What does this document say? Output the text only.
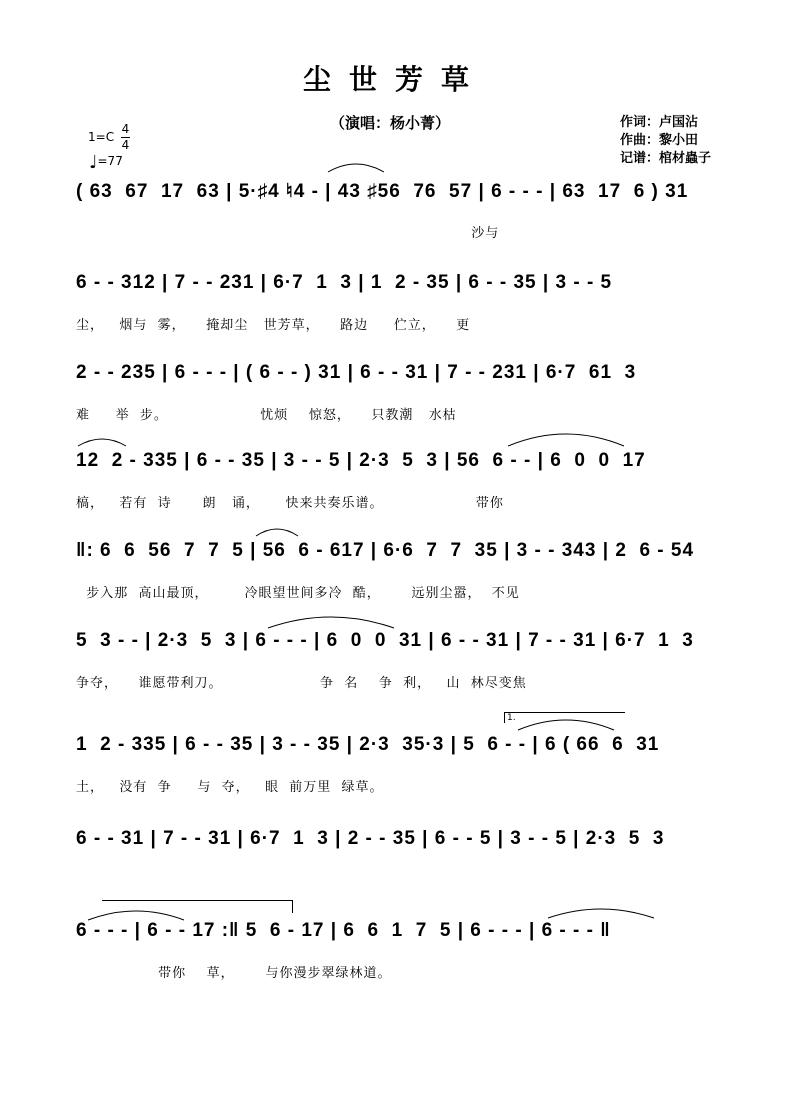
尘世芳草
（演唱：杨小菁）	作词：卢国沾
作曲：黎小田
记谱：棺材蟲子
1=C
4
4
♩=77
( 63  67  17  63 | 5·♯4 ♮4 - | 43 ♯56  76  57 | 6 - - - | 63  17  6 ) 31
沙与
6 - - 312 | 7 - - 231 | 6·7  1  3 | 1  2 - 35 | 6 - - 35 | 3 - - 5
尘，   烟与  雾，    掩却尘   世芳草，    路边     伫立，    更
2 - - 235 | 6 - - - | ( 6 - - ) 31 | 6 - - 31 | 7 - - 231 | 6·7  61  3
难     举  步。                  忧烦    惊怒，    只教潮   水枯
12  2 - 335 | 6 - - 35 | 3 - - 5 | 2·3  5  3 | 56  6 - - | 6  0  0  17
槁，   若有  诗      朗   诵，     快来共奏乐谱。                  带你
‖: 6  6  56  7  7  5 | 56  6 - 617 | 6·6  7  7  35 | 3 - - 343 | 2  6 - 54
步入那  高山最顶，       冷眼望世间多冷  酷，      远别尘嚣，  不见
5  3 - - | 2·3  5  3 | 6 - - - | 6  0  0  31 | 6 - - 31 | 7 - - 31 | 6·7  1  3
争夺，    谁愿带利刀。                   争  名    争  利，   山  林尽变焦
1  2 - 335 | 6 - - 35 | 3 - - 35 | 2·3  35·3 | 5  6 - - | 6 ( 66  6  31
土，   没有  争     与  夺，   眼  前万里  绿草。
1.
6 - - 31 | 7 - - 31 | 6·7  1  3 | 2 - - 35 | 6 - - 5 | 3 - - 5 | 2·3  5  3
6 - - - | 6 - - 17 :‖ 5  6 - 17 | 6  6  1  7  5 | 6 - - - | 6 - - - ‖
带你    草，      与你漫步翠绿林道。
